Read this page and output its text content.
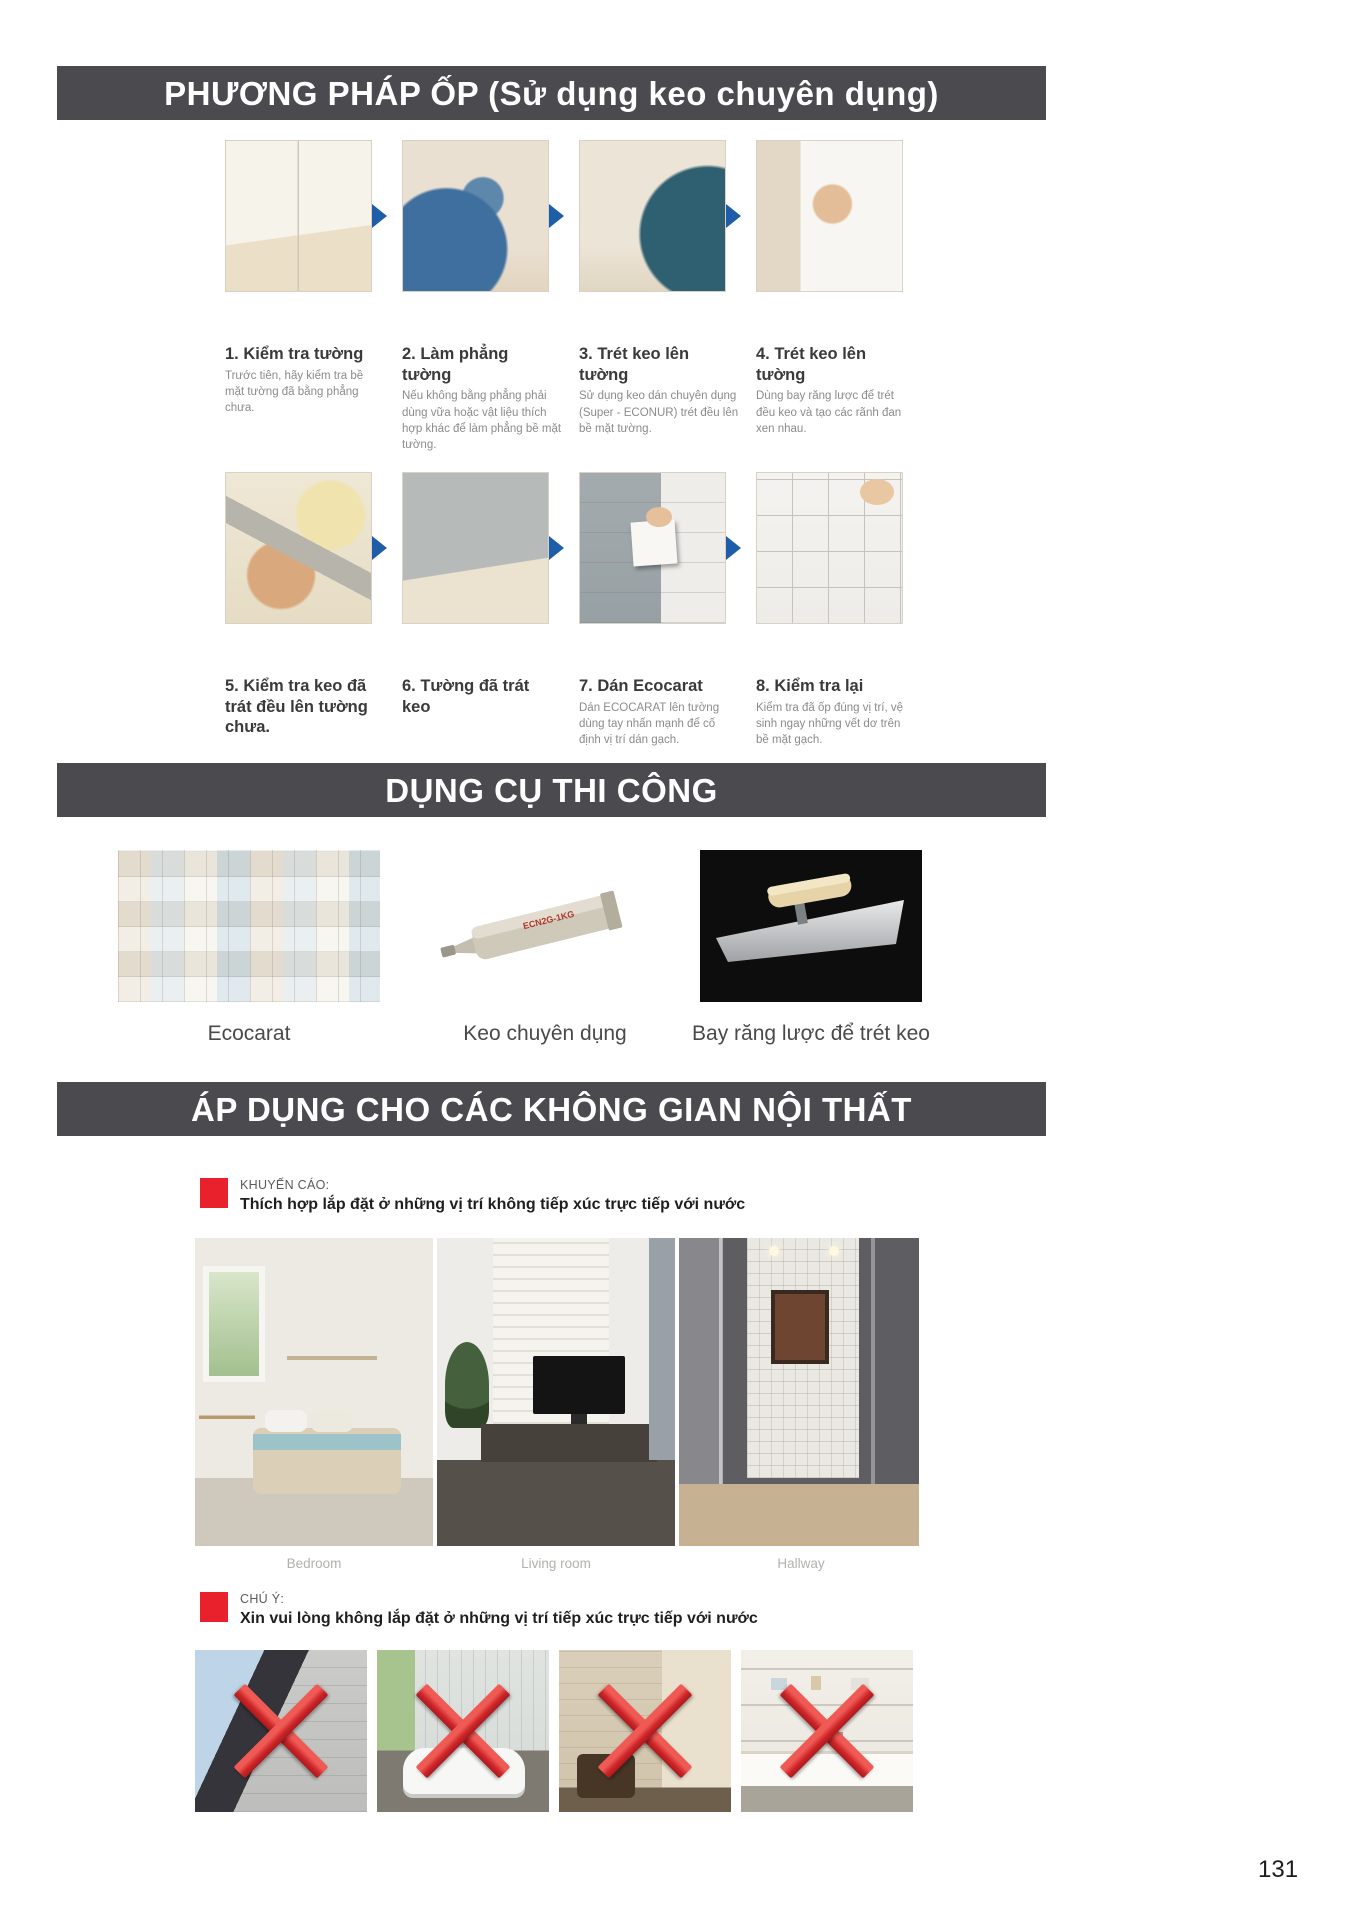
PHƯƠNG PHÁP ỐP (Sử dụng keo chuyên dụng)
1. Kiểm tra tường
Trước tiên, hãy kiểm tra bề mặt tường đã bằng phẳng chưa.
2. Làm phẳng tường
Nếu không bằng phẳng phải dùng vữa hoặc vật liệu thích hợp khác để làm phẳng bề mặt tường.
3. Trét keo lên tường
Sử dụng keo dán chuyên dụng (Super - ECONUR) trét đều lên bề mặt tường.
4. Trét keo lên tường
Dùng bay răng lược để trét đều keo và tạo các rãnh đan xen nhau.
5. Kiểm tra keo đã trát đều lên tường chưa.
6. Tường đã trát keo
7. Dán Ecocarat
Dán ECOCARAT lên tường dùng tay nhấn mạnh để cố định vị trí dán gạch.
8. Kiểm tra lại
Kiểm tra đã ốp đúng vị trí, vệ sinh ngay những vết dơ trên bề mặt gạch.
DỤNG CỤ THI CÔNG
ECN2G-1KG
Ecocarat	Keo chuyên dụng	Bay răng lược để trét keo
ÁP DỤNG CHO CÁC KHÔNG GIAN NỘI THẤT
KHUYẾN CÁO:
Thích hợp lắp đặt ở những vị trí không tiếp xúc trực tiếp với nước
Bedroom	Living room	Hallway
CHÚ Ý:
Xin vui lòng không lắp đặt ở những vị trí tiếp xúc trực tiếp với nước
131
